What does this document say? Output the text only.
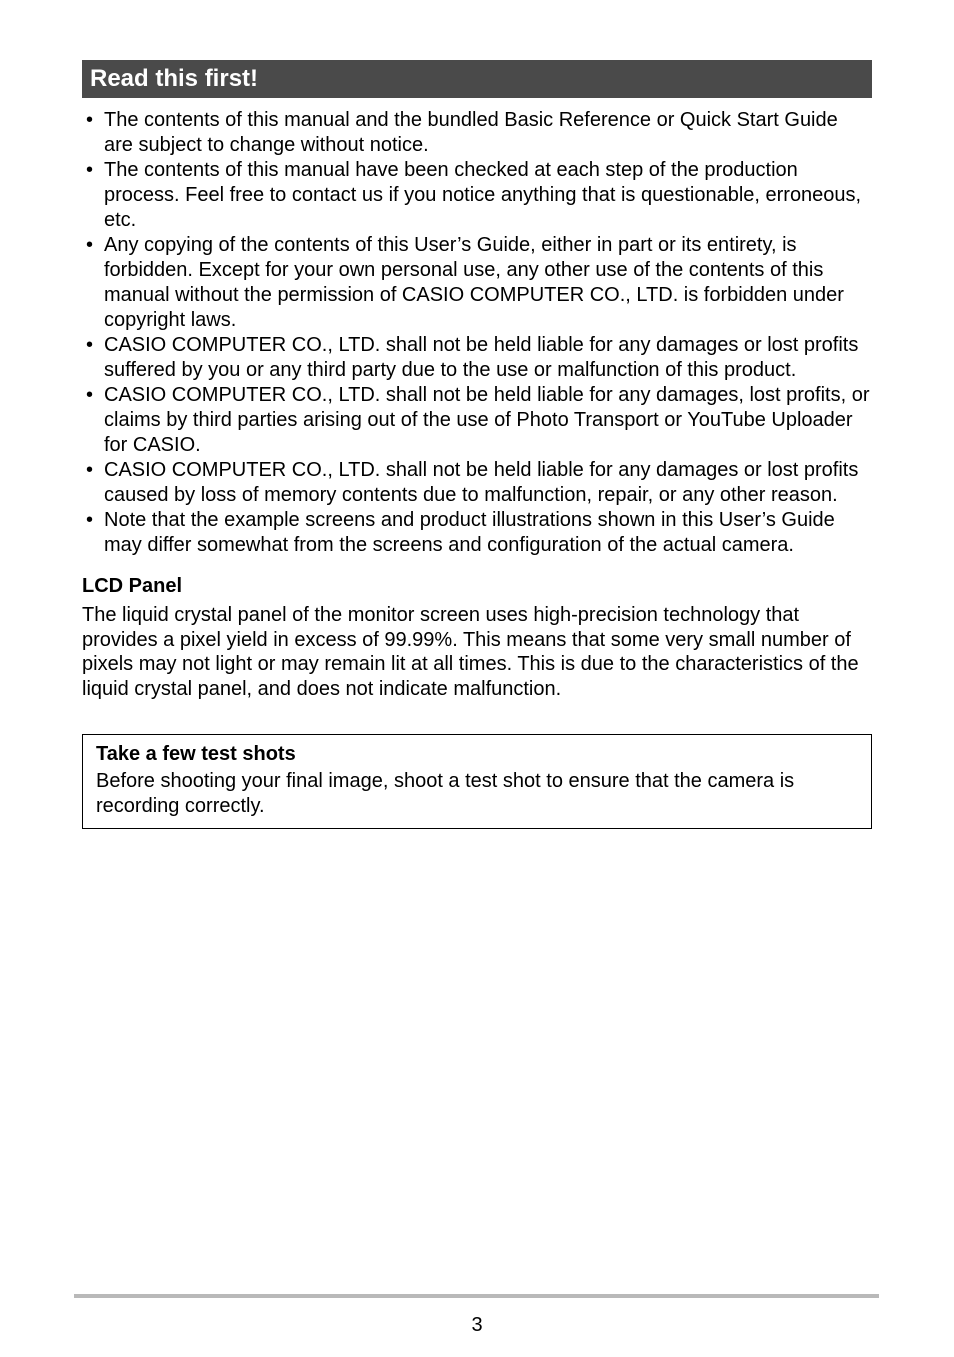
Read this first!
• The contents of this manual and the bundled Basic Reference or Quick Start Guide are subject to change without notice.
• The contents of this manual have been checked at each step of the production process. Feel free to contact us if you notice anything that is questionable, erroneous, etc.
• Any copying of the contents of this User’s Guide, either in part or its entirety, is forbidden. Except for your own personal use, any other use of the contents of this manual without the permission of CASIO COMPUTER CO., LTD. is forbidden under copyright laws.
• CASIO COMPUTER CO., LTD. shall not be held liable for any damages or lost profits suffered by you or any third party due to the use or malfunction of this product.
• CASIO COMPUTER CO., LTD. shall not be held liable for any damages, lost profits, or claims by third parties arising out of the use of Photo Transport or YouTube Uploader for CASIO.
• CASIO COMPUTER CO., LTD. shall not be held liable for any damages or lost profits caused by loss of memory contents due to malfunction, repair, or any other reason.
• Note that the example screens and product illustrations shown in this User’s Guide may differ somewhat from the screens and configuration of the actual camera.
LCD Panel
The liquid crystal panel of the monitor screen uses high-precision technology that provides a pixel yield in excess of 99.99%. This means that some very small number of pixels may not light or may remain lit at all times. This is due to the characteristics of the liquid crystal panel, and does not indicate malfunction.
Take a few test shots
Before shooting your final image, shoot a test shot to ensure that the camera is recording correctly.
3
